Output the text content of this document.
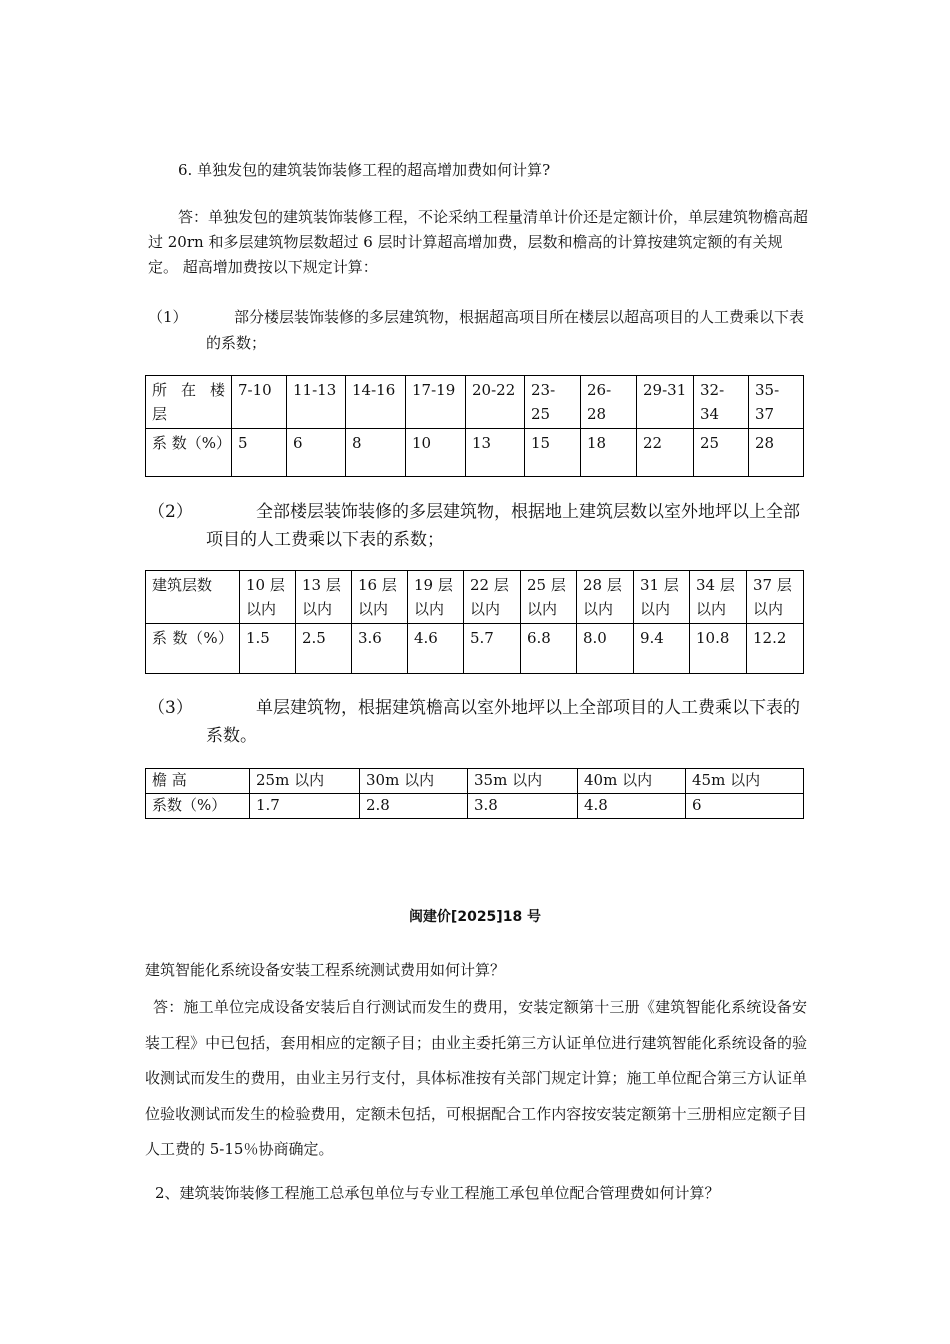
6. 单独发包的建筑装饰装修工程的超高增加费如何计算?

答：单独发包的建筑装饰装修工程，不论采纳工程量清单计价还是定额计价，单层建筑物檐高超过 20rn 和多层建筑物层数超过 6 层时计算超高增加费，层数和檐高的计算按建筑定额的有关规定。 超高增加费按以下规定计算：

（1）	部分楼层装饰装修的多层建筑物，根据超高项目所在楼层以超高项目的人工费乘以下表的系数；
所 在 楼 层	7-10	11-13	14-16	17-19	20-22	23-25	26-28	29-31	32-34	35-37
系 数（%）	5	6	8	10	13	15	18	22	25	28
（2）	全部楼层装饰装修的多层建筑物，根据地上建筑层数以室外地坪以上全部项目的人工费乘以下表的系数；
建筑层数	10 层以内	13 层以内	16 层以内	19 层以内	22 层以内	25 层以内	28 层以内	31 层以内	34 层以内	37 层以内
系 数（%）	1.5	2.5	3.6	4.6	5.7	6.8	8.0	9.4	10.8	12.2
（3）	单层建筑物，根据建筑檐高以室外地坪以上全部项目的人工费乘以下表的系数。
檐 高	25m 以内	30m 以内	35m 以内	40m 以内	45m 以内
系数（%）	1.7	2.8	3.8	4.8	6

闽建价[2025]18 号

建筑智能化系统设备安装工程系统测试费用如何计算？

答：施工单位完成设备安装后自行测试而发生的费用，安装定额第十三册《建筑智能化系统设备安装工程》中已包括，套用相应的定额子目；由业主委托第三方认证单位进行建筑智能化系统设备的验收测试而发生的费用，由业主另行支付，具体标准按有关部门规定计算；施工单位配合第三方认证单位验收测试而发生的检验费用，定额未包括，可根据配合工作内容按安装定额第十三册相应定额子目人工费的 5-15％协商确定。

2、建筑装饰装修工程施工总承包单位与专业工程施工承包单位配合管理费如何计算？
